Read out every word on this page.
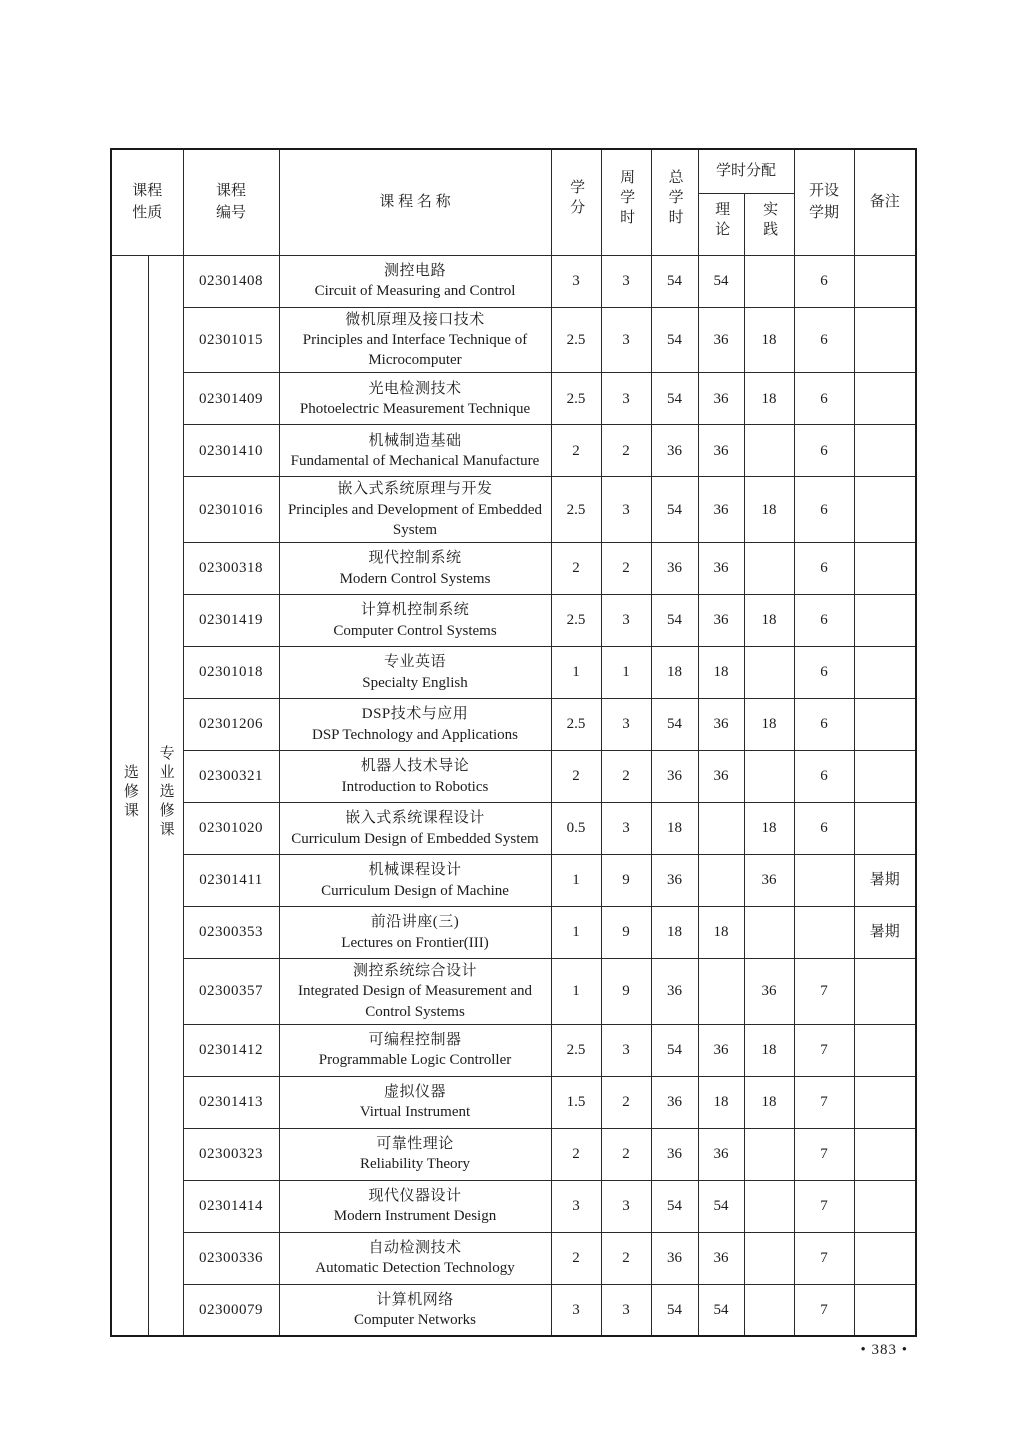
课程性质		课程编号	课 程 名 称	学分	周学时	总学时	学时分配		开设学期	备注
							理论	实践		
选修课	专业选修课	02301408	测控电路
Circuit of Measuring and Control	3	3	54	54		6	
		02301015	微机原理及接口技术
Principles and Interface Technique of Microcomputer	2.5	3	54	36	18	6	
		02301409	光电检测技术
Photoelectric Measurement Technique	2.5	3	54	36	18	6	
		02301410	机械制造基础
Fundamental of Mechanical Manufacture	2	2	36	36		6	
		02301016	嵌入式系统原理与开发
Principles and Development of Embedded System	2.5	3	54	36	18	6	
		02300318	现代控制系统
Modern Control Systems	2	2	36	36		6	
		02301419	计算机控制系统
Computer Control Systems	2.5	3	54	36	18	6	
		02301018	专业英语
Specialty English	1	1	18	18		6	
		02301206	DSP技术与应用
DSP Technology and Applications	2.5	3	54	36	18	6	
		02300321	机器人技术导论
Introduction to Robotics	2	2	36	36		6	
		02301020	嵌入式系统课程设计
Curriculum Design of Embedded System	0.5	3	18		18	6	
		02301411	机械课程设计
Curriculum Design of Machine	1	9	36		36		暑期
		02300353	前沿讲座(三)
Lectures on Frontier(III)	1	9	18	18			暑期
		02300357	测控系统综合设计
Integrated Design of Measurement and Control Systems	1	9	36		36	7	
		02301412	可编程控制器
Programmable Logic Controller	2.5	3	54	36	18	7	
		02301413	虚拟仪器
Virtual Instrument	1.5	2	36	18	18	7	
		02300323	可靠性理论
Reliability Theory	2	2	36	36		7	
		02301414	现代仪器设计
Modern Instrument Design	3	3	54	54		7	
		02300336	自动检测技术
Automatic Detection Technology	2	2	36	36		7	
		02300079	计算机网络
Computer Networks	3	3	54	54		7	
• 383 •
